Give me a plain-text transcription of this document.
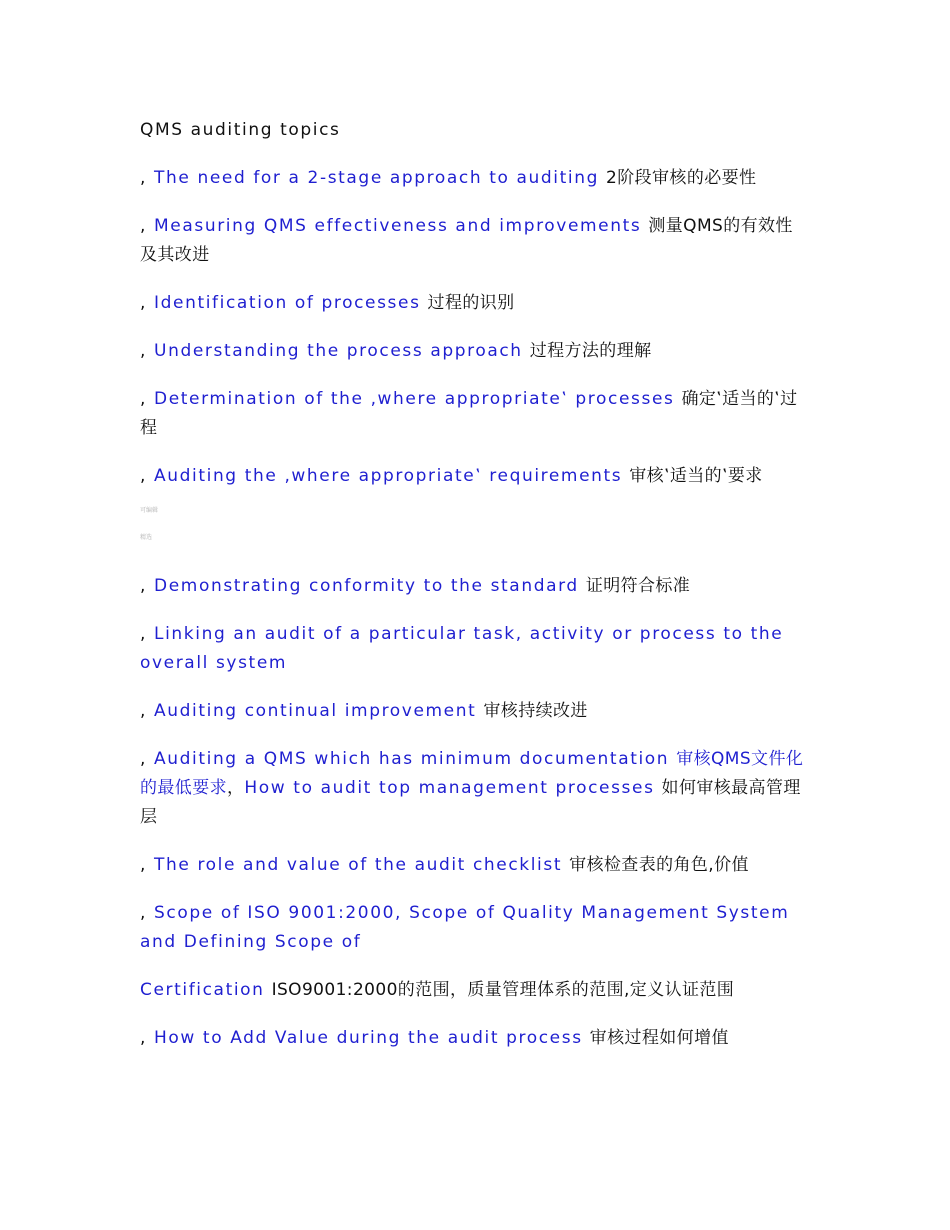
QMS auditing topics
, The need for a 2-stage approach to auditing 2阶段审核的必要性
, Measuring QMS effectiveness and improvements 测量QMS的有效性及其改进
, Identification of processes 过程的识别
, Understanding the process approach 过程方法的理解
, Determination of the ‚where appropriate‛ processes 确定‛适当的‛过程
, Auditing the ‚where appropriate‛ requirements 审核‛适当的‛要求
可编辑
精选
, Demonstrating conformity to the standard 证明符合标准
, Linking an audit of a particular task, activity or process to the overall system
, Auditing continual improvement 审核持续改进
, Auditing a QMS which has minimum documentation 审核QMS文件化的最低要求，How to audit top management processes 如何审核最高管理层
, The role and value of the audit checklist 审核检查表的角色,价值
, Scope of ISO 9001:2000, Scope of Quality Management System and Defining Scope of
Certification ISO9001:2000的范围，质量管理体系的范围,定义认证范围
, How to Add Value during the audit process 审核过程如何增值
